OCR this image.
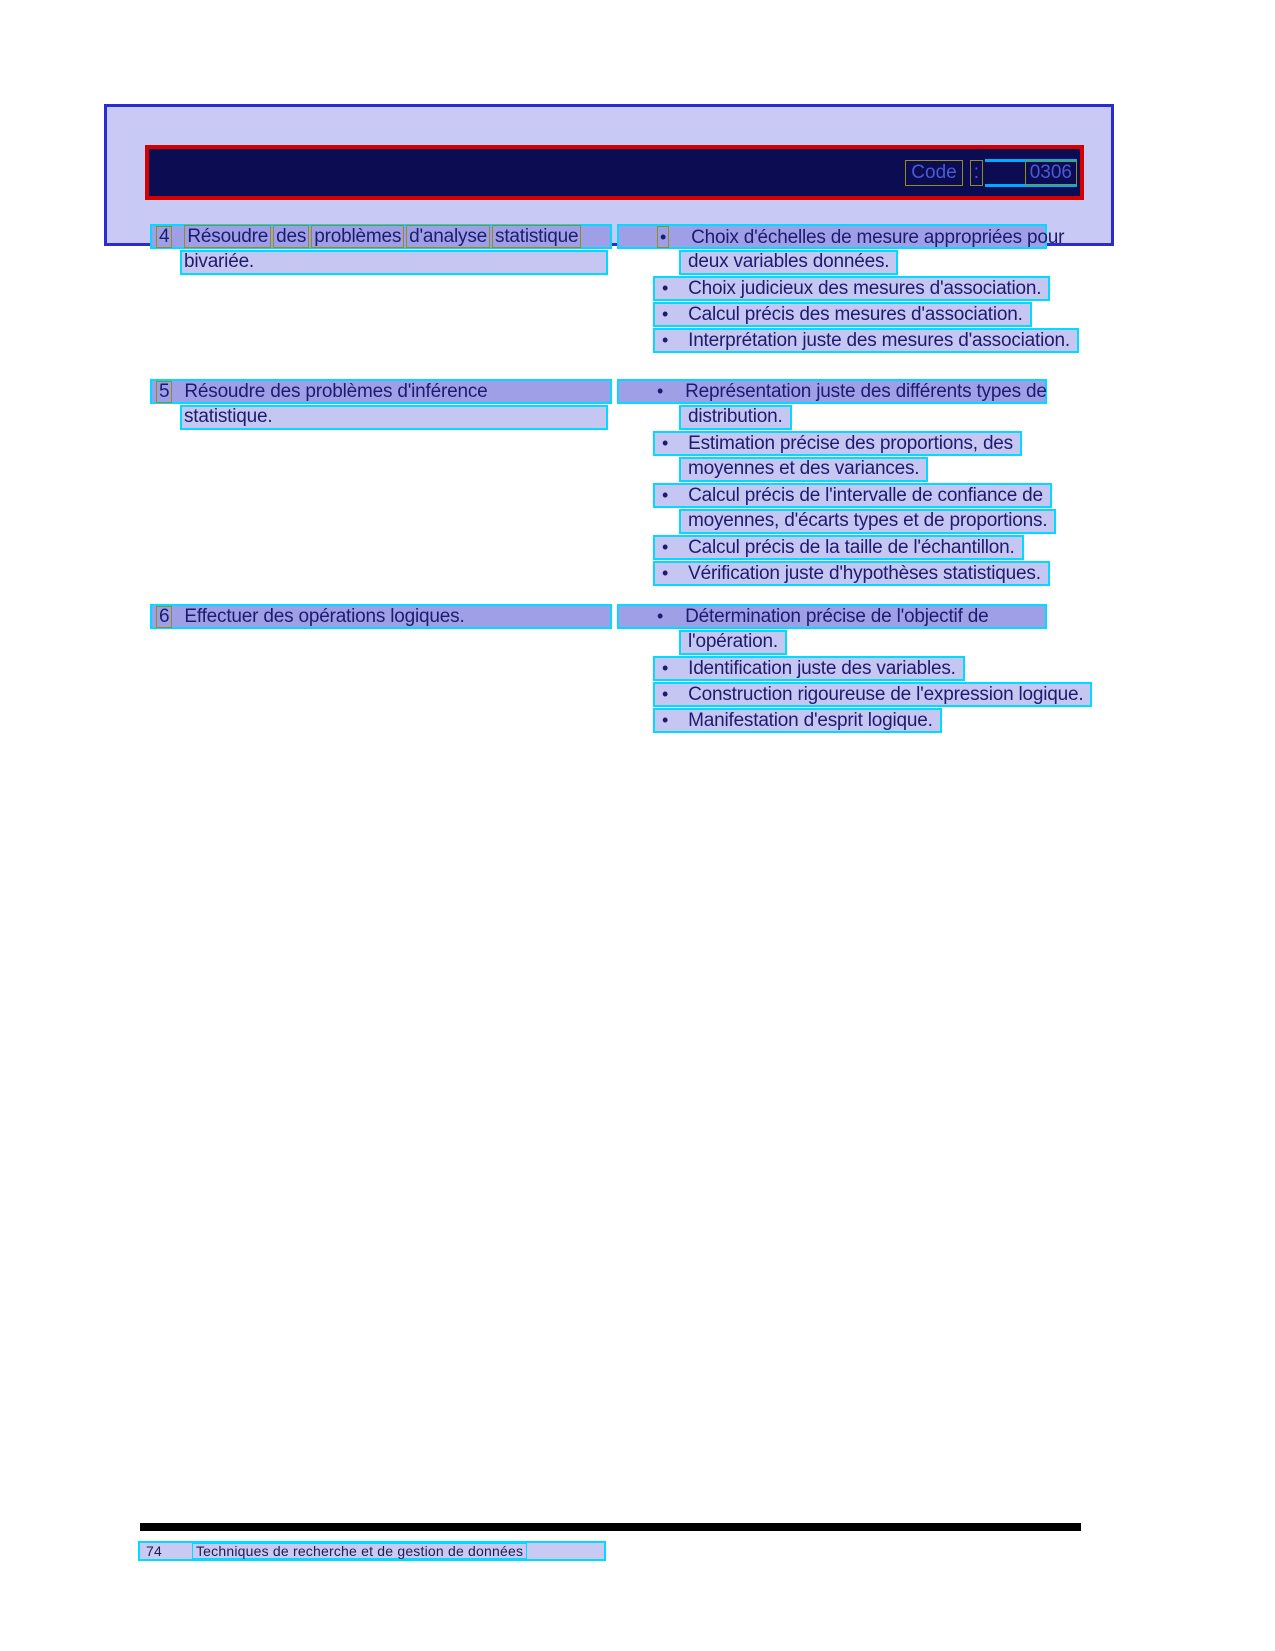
Code :	0306
4 Résoudre des problèmes d'analyse statistique
bivariée.
• Choix d'échelles de mesure appropriées pour
deux variables données.
• Choix judicieux des mesures d'association.
• Calcul précis des mesures d'association.
• Interprétation juste des mesures d'association.
5 Résoudre des problèmes d'inférence
statistique.
• Représentation juste des différents types de
distribution.
• Estimation précise des proportions, des
moyennes et des variances.
• Calcul précis de l'intervalle de confiance de
moyennes, d'écarts types et de proportions.
• Calcul précis de la taille de l'échantillon.
• Vérification juste d'hypothèses statistiques.
6 Effectuer des opérations logiques.	• Détermination précise de l'objectif de
l'opération.
• Identification juste des variables.
• Construction rigoureuse de l'expression logique.
• Manifestation d'esprit logique.
74 Techniques de recherche et de gestion de données
